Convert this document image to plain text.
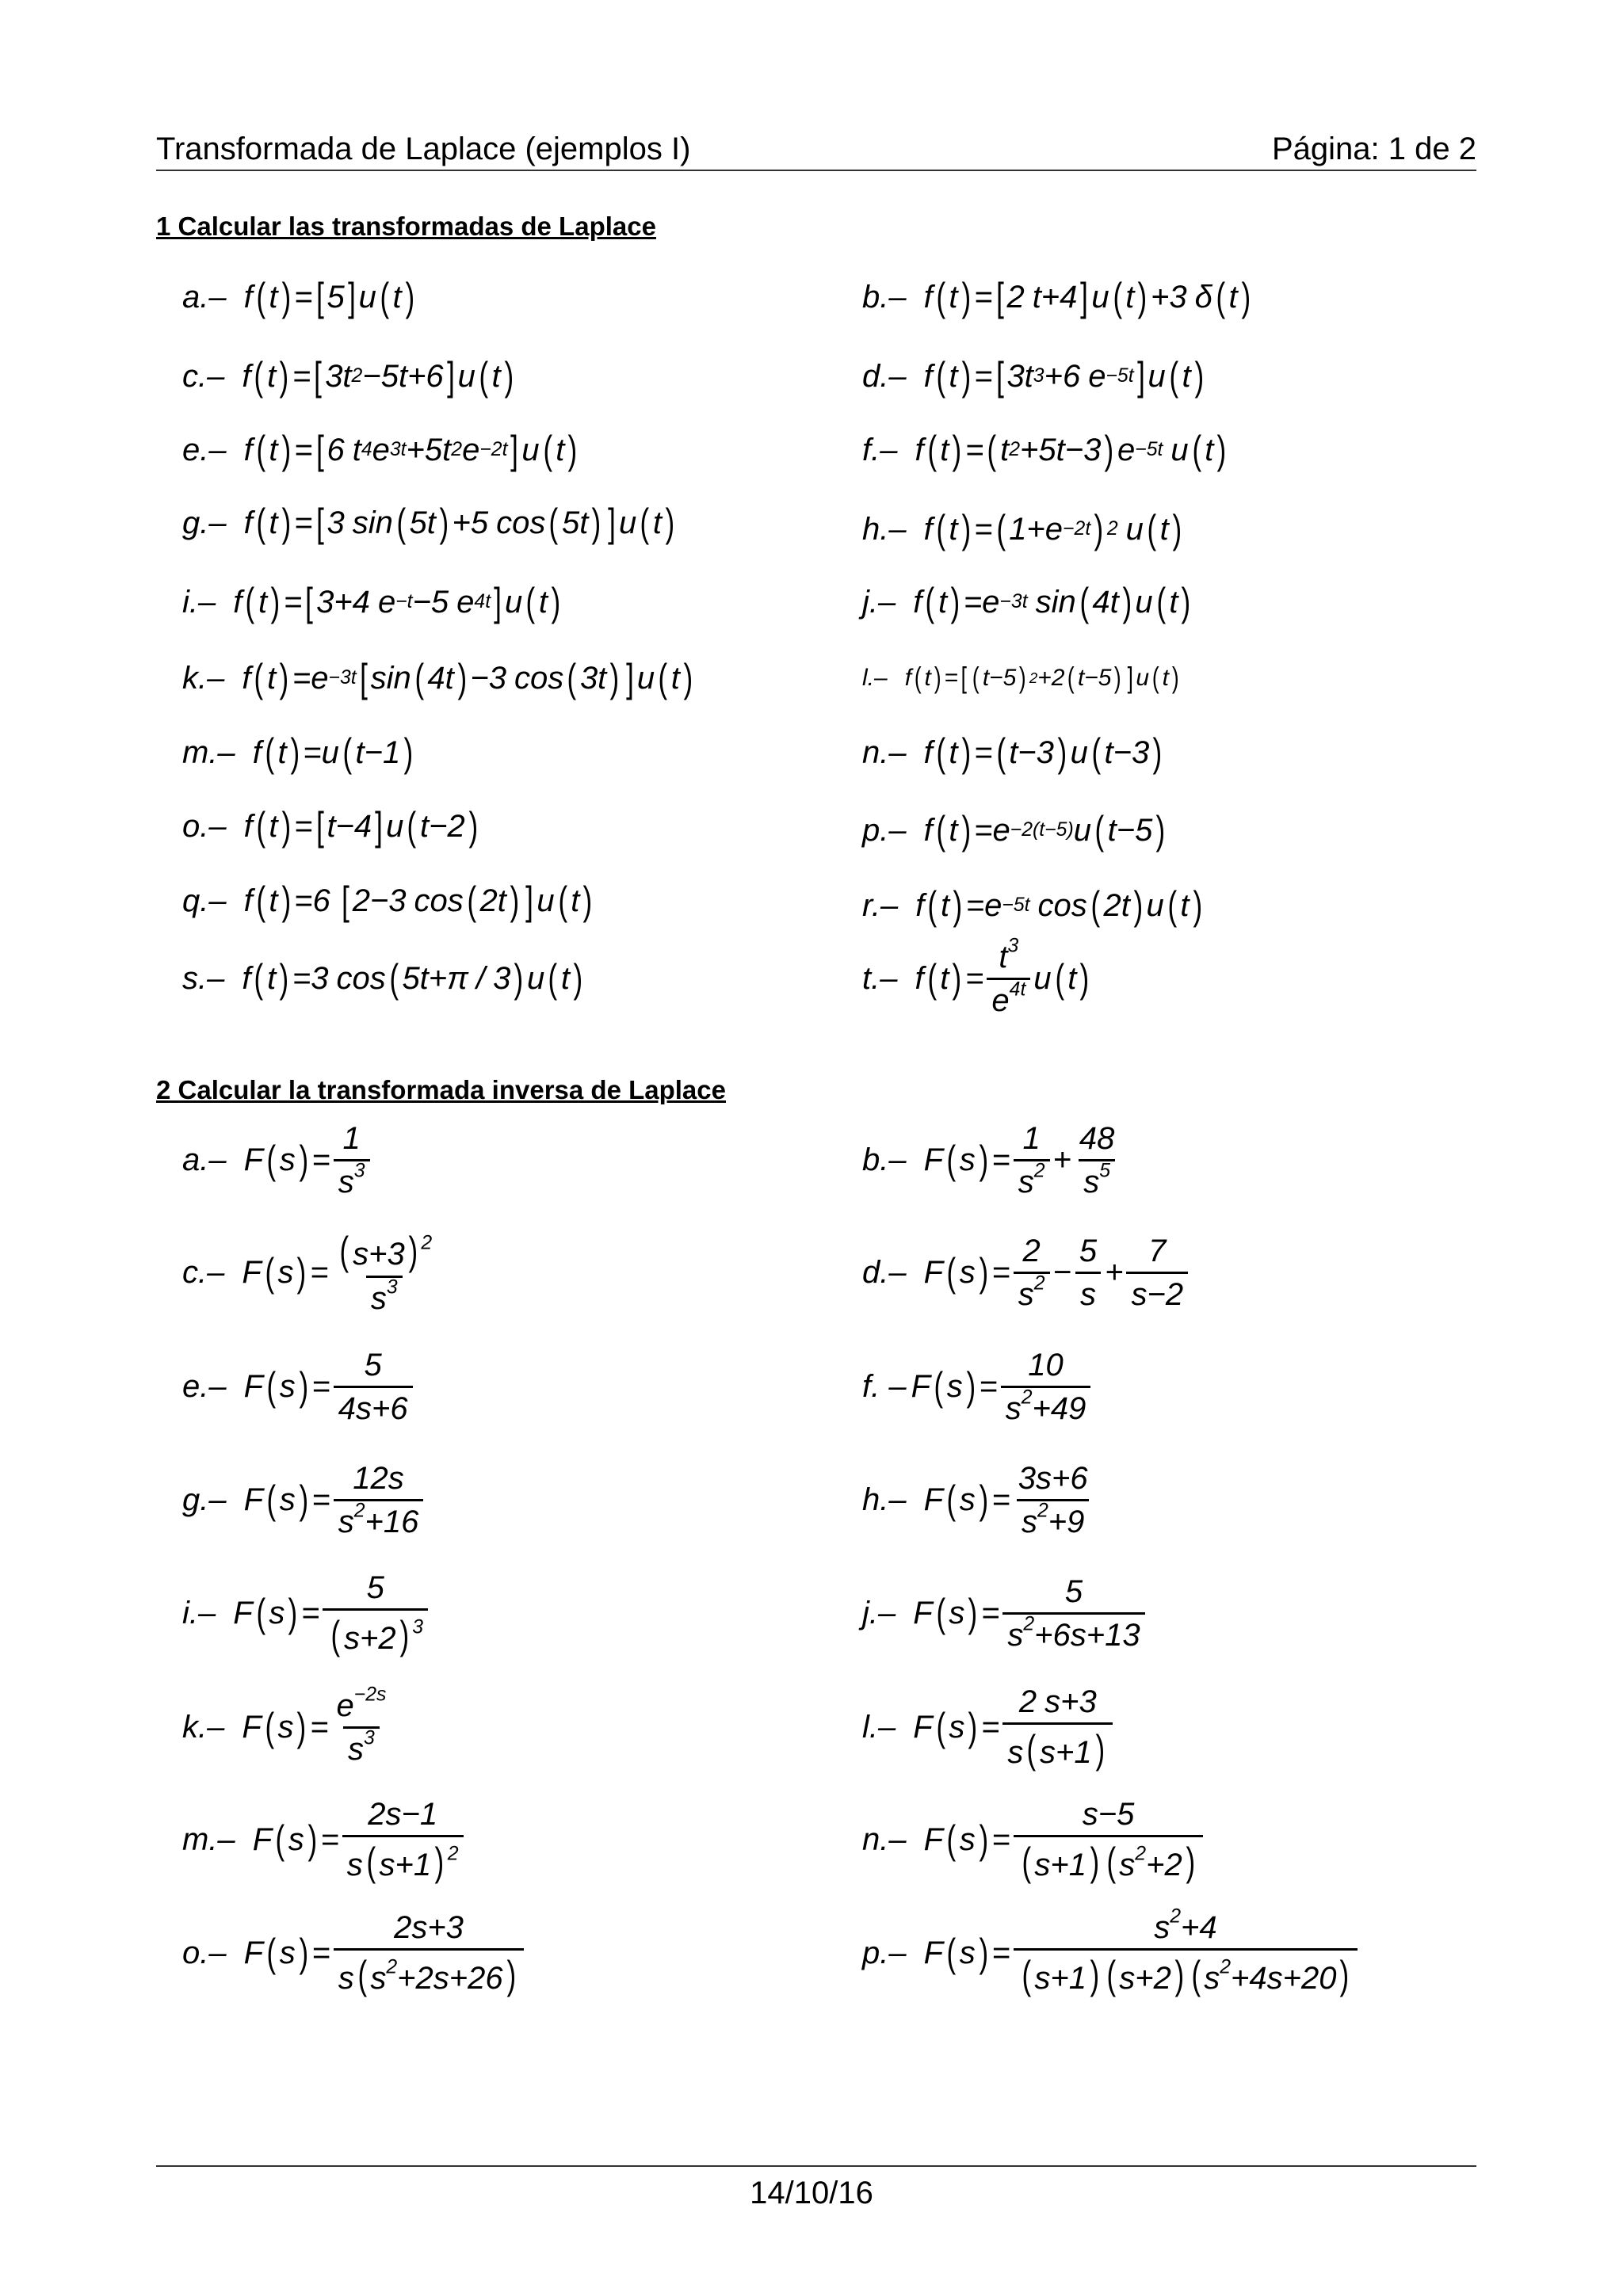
Transformada de Laplace (ejemplos I)	Página: 1 de 2
1 Calcular las transformadas de Laplace
a.– f ( t ) = [ 5 ] u ( t )	b.– f ( t ) = [ 2 t+4 ] u ( t ) +3 δ ( t )
c.– f ( t ) = [ 3t 2 −5t+6 ] u ( t )	d.– f ( t ) = [ 3t 3 +6 e −5t ] u ( t )
e.– f ( t ) = [ 6 t 4 e 3t +5t 2 e −2t ] u ( t )	f.– f ( t ) = ( t 2 +5t−3 ) e −5t u ( t )
g.– f ( t ) = [ 3 sin ( 5t ) +5 cos ( 5t ) ] u ( t )	h.– f ( t ) = ( 1+e −2t ) 2 u ( t )
i.– f ( t ) = [ 3+4 e −t −5 e 4t ] u ( t )	j.– f ( t ) =e −3t sin ( 4t ) u ( t )
k.– f ( t ) =e −3t [ sin ( 4t ) −3 cos ( 3t ) ] u ( t )	l.– f ( t ) = [ ( t−5 ) 2 +2 ( t−5 ) ] u ( t )
m.– f ( t ) =u ( t−1 )	n.– f ( t ) = ( t−3 ) u ( t−3 )
o.– f ( t ) = [ t−4 ] u ( t−2 )	p.– f ( t ) =e −2(t−5) u ( t−5 )
q.– f ( t ) =6 [ 2−3 cos ( 2t ) ] u ( t )	r.– f ( t ) =e −5t cos ( 2t ) u ( t )
s.– f ( t ) =3 cos ( 5t+π / 3 ) u ( t )	t.– f ( t ) = $\frac{t^3}{e^{4t}}$ u ( t )
2 Calcular la transformada inversa de Laplace
a.– F ( s ) = $\frac{1}{s^3}$	b.– F ( s ) = $\frac{1}{s^2} + \frac{48}{s^5}$
c.– F ( s ) = $\frac{( s+3) ^2}{s^3}$	d.– F ( s ) = $\frac{2}{s^2} - \frac{5}{s} + \frac{7}{s-2}$
e.– F ( s ) = $\frac{5}{4s+6}$	f. – F ( s ) = $\frac{10}{s^2+49}$
g.– F ( s ) = $\frac{12s}{s^2+16}$	h.– F ( s ) = $\frac{3s+6}{s^2+9}$
i.– F ( s ) = $\frac{5}{( s+2) ^3}$	j.– F ( s ) = $\frac{5}{s^2+6s+13}$
k.– F ( s ) = $\frac{e^{-2s}}{s^3}$	l.– F ( s ) = $\frac{2 s+3}{s( s+1)}$
m.– F ( s ) = $\frac{2s-1}{s( s+1) ^2}$	n.– F ( s ) = $\frac{s-5}{( s+1) ( s^2+2)}$
o.– F ( s ) = $\frac{2s+3}{s( s^2+2s+26)}$	p.– F ( s ) = $\frac{s^2+4}{( s+1) ( s+2) ( s^2+4s+20)}$
14/10/16
